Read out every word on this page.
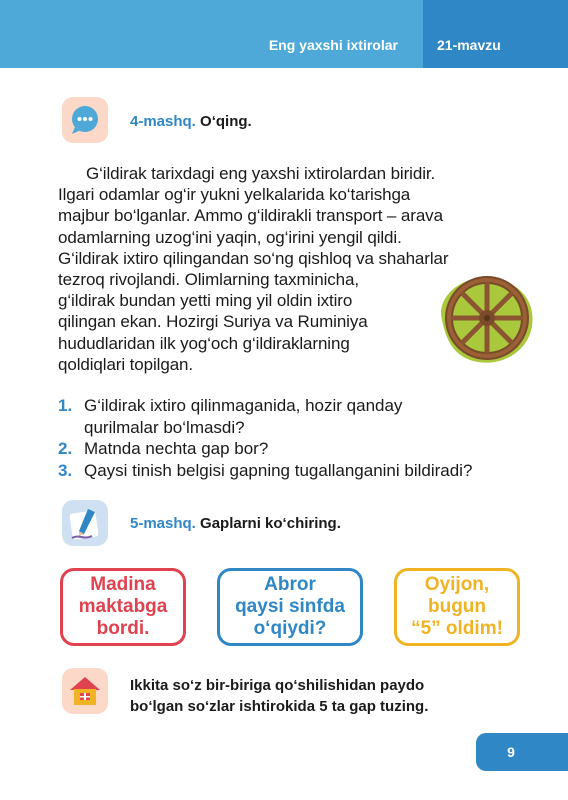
Eng yaxshi ixtirolar	21-mavzu
4-mashq. O‘qing.
G‘ildirak tarixdagi eng yaxshi ixtirolardan biridir.
Ilgari odamlar og‘ir yukni yelkalarida ko‘tarishga
majbur bo‘lganlar. Ammo g‘ildirakli transport – arava
odamlarning uzog‘ini yaqin, og‘irini yengil qildi.
G‘ildirak ixtiro qilingandan so‘ng qishloq va shaharlar
tezroq rivojlandi. Olimlarning taxminicha,
g‘ildirak bundan yetti ming yil oldin ixtiro
qilingan ekan. Hozirgi Suriya va Ruminiya
hududlaridan ilk yog‘och g‘ildiraklarning
qoldiqlari topilgan.
1. G‘ildirak ixtiro qilinmaganida, hozir qanday
qurilmalar bo‘lmasdi?
2. Matnda nechta gap bor?
3. Qaysi tinish belgisi gapning tugallanganini bildiradi?
5-mashq. Gaplarni ko‘chiring.
Madina
maktabga
bordi.
Abror
qaysi sinfda
o‘qiydi?
Oyijon,
bugun
“5” oldim!
Ikkita so‘z bir-biriga qo‘shilishidan paydo
bo‘lgan so‘zlar ishtirokida 5 ta gap tuzing.
9
